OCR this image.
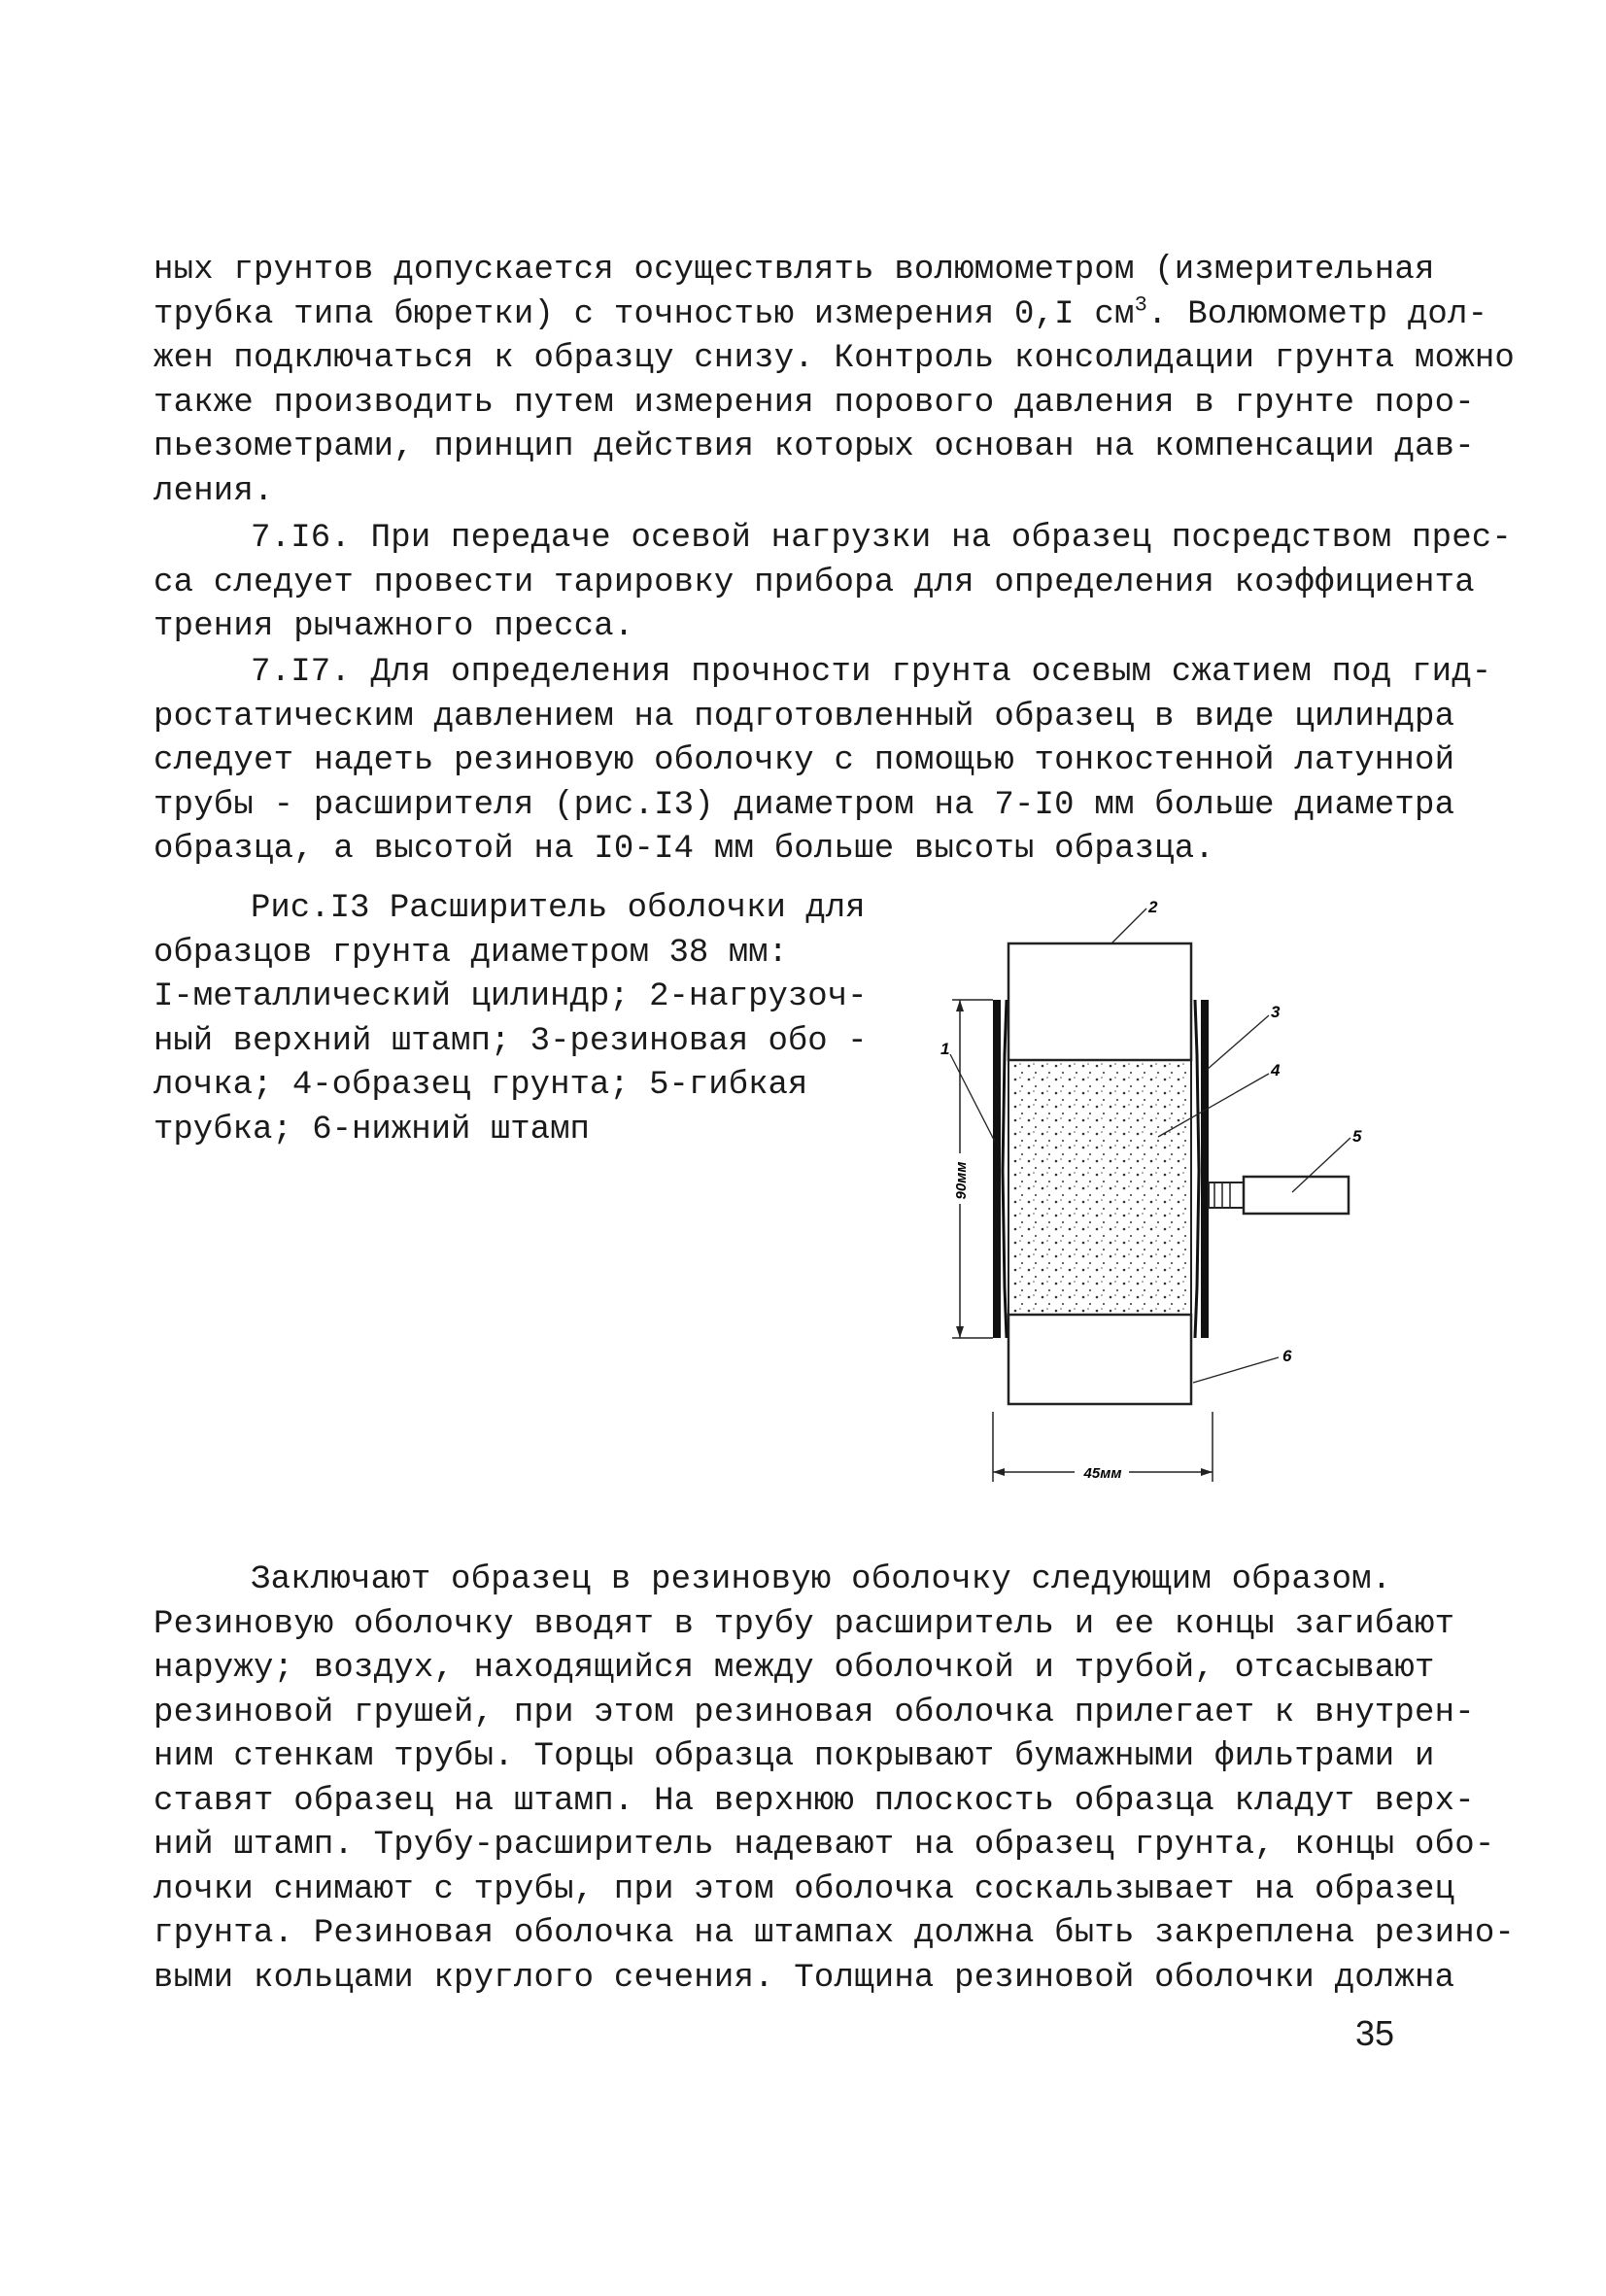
ных грунтов допускается осуществлять волюмометром (измерительная
трубка типа бюретки) с точностью измерения 0,I $см^3$. Волюмометр дол-
жен подключаться к образцу снизу. Контроль консолидации грунта можно
также производить путем измерения порового давления в грунте поро-
пьезометрами, принцип действия которых основан на компенсации дав-
ления.
7.I6. При передаче осевой нагрузки на образец посредством прес-
са следует провести тарировку прибора для определения коэффициента
трения рычажного пресса.
7.I7. Для определения прочности грунта осевым сжатием под гид-
ростатическим давлением на подготовленный образец в виде цилиндра
следует надеть резиновую оболочку с помощью тонкостенной латунной
трубы - расширителя (рис.I3) диаметром на 7-I0 мм больше диаметра
образца, а высотой на I0-I4 мм больше высоты образца.
Рис.I3 Расширитель оболочки для
образцов грунта диаметром 38 мм:
I-металлический цилиндр; 2-нагрузоч-
ный верхний штамп; 3-резиновая обо -
лочка; 4-образец грунта; 5-гибкая
трубка; 6-нижний штамп
90мм
45мм
1
2
3
4
5
6
Заключают образец в резиновую оболочку следующим образом.
Резиновую оболочку вводят в трубу расширитель и ее концы загибают
наружу; воздух, находящийся между оболочкой и трубой, отсасывают
резиновой грушей, при этом резиновая оболочка прилегает к внутрен-
ним стенкам трубы. Торцы образца покрывают бумажными фильтрами и
ставят образец на штамп. На верхнюю плоскость образца кладут верх-
ний штамп. Трубу-расширитель надевают на образец грунта, концы обо-
лочки снимают с трубы, при этом оболочка соскальзывает на образец
грунта. Резиновая оболочка на штампах должна быть закреплена резино-
выми кольцами круглого сечения. Толщина резиновой оболочки должна
35
